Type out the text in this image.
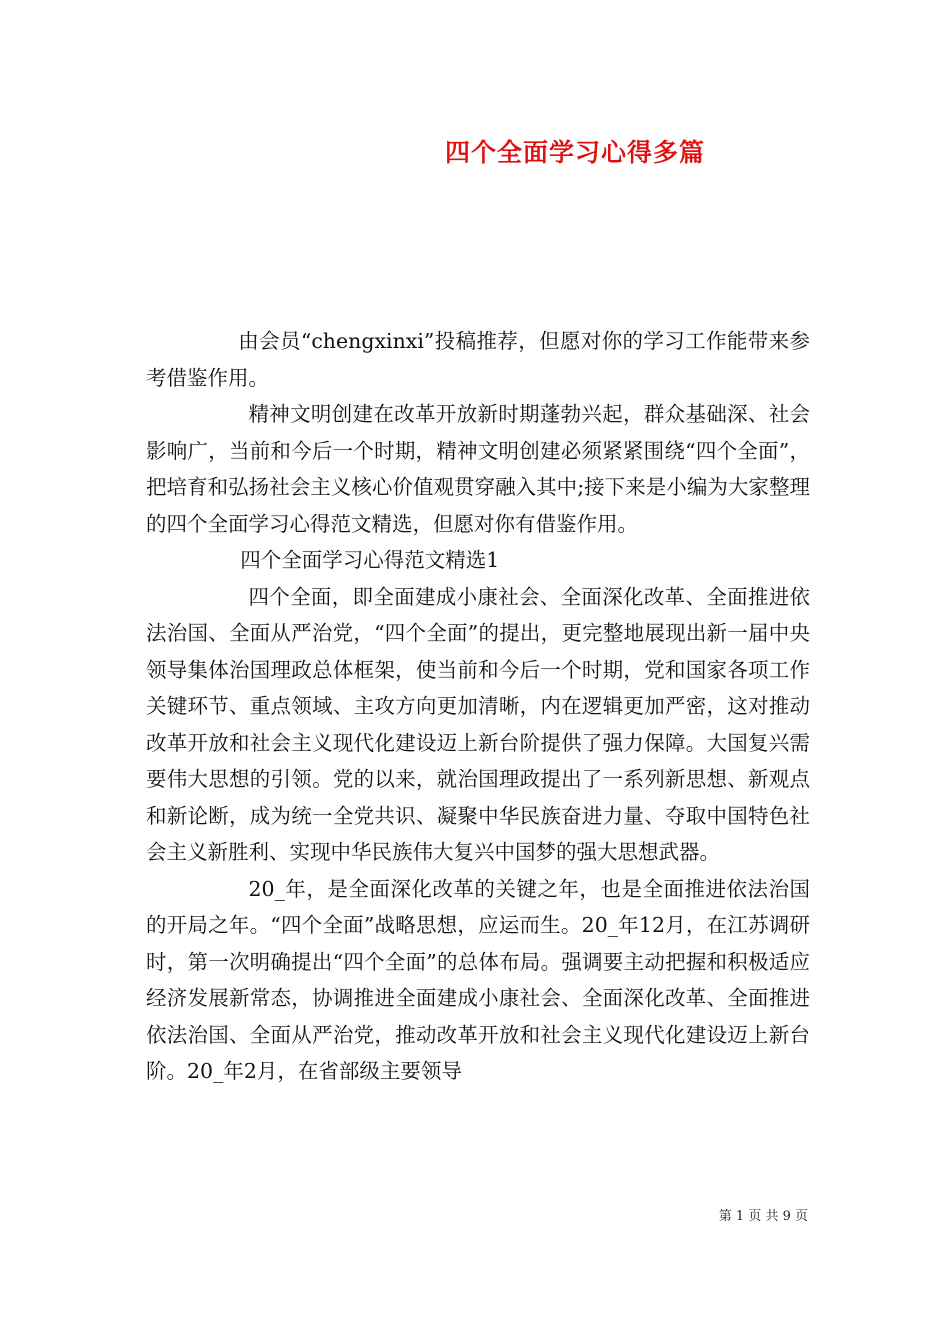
四个全面学习心得多篇

由会员“chengxinxi”投稿推荐，但愿对你的学习工作能带来参考借鉴作用。

精神文明创建在改革开放新时期蓬勃兴起，群众基础深、社会影响广，当前和今后一个时期，精神文明创建必须紧紧围绕“四个全面”，把培育和弘扬社会主义核心价值观贯穿融入其中;接下来是小编为大家整理的四个全面学习心得范文精选，但愿对你有借鉴作用。

四个全面学习心得范文精选1

四个全面，即全面建成小康社会、全面深化改革、全面推进依法治国、全面从严治党，“四个全面”的提出，更完整地展现出新一届中央领导集体治国理政总体框架，使当前和今后一个时期，党和国家各项工作关键环节、重点领域、主攻方向更加清晰，内在逻辑更加严密，这对推动改革开放和社会主义现代化建设迈上新台阶提供了强力保障。大国复兴需要伟大思想的引领。党的以来，就治国理政提出了一系列新思想、新观点和新论断，成为统一全党共识、凝聚中华民族奋进力量、夺取中国特色社会主义新胜利、实现中华民族伟大复兴中国梦的强大思想武器。

20_年，是全面深化改革的关键之年，也是全面推进依法治国的开局之年。“四个全面”战略思想，应运而生。20_年12月，在江苏调研时，第一次明确提出“四个全面”的总体布局。强调要主动把握和积极适应经济发展新常态，协调推进全面建成小康社会、全面深化改革、全面推进依法治国、全面从严治党，推动改革开放和社会主义现代化建设迈上新台阶。20_年2月，在省部级主要领导

第 1 页 共 9 页
